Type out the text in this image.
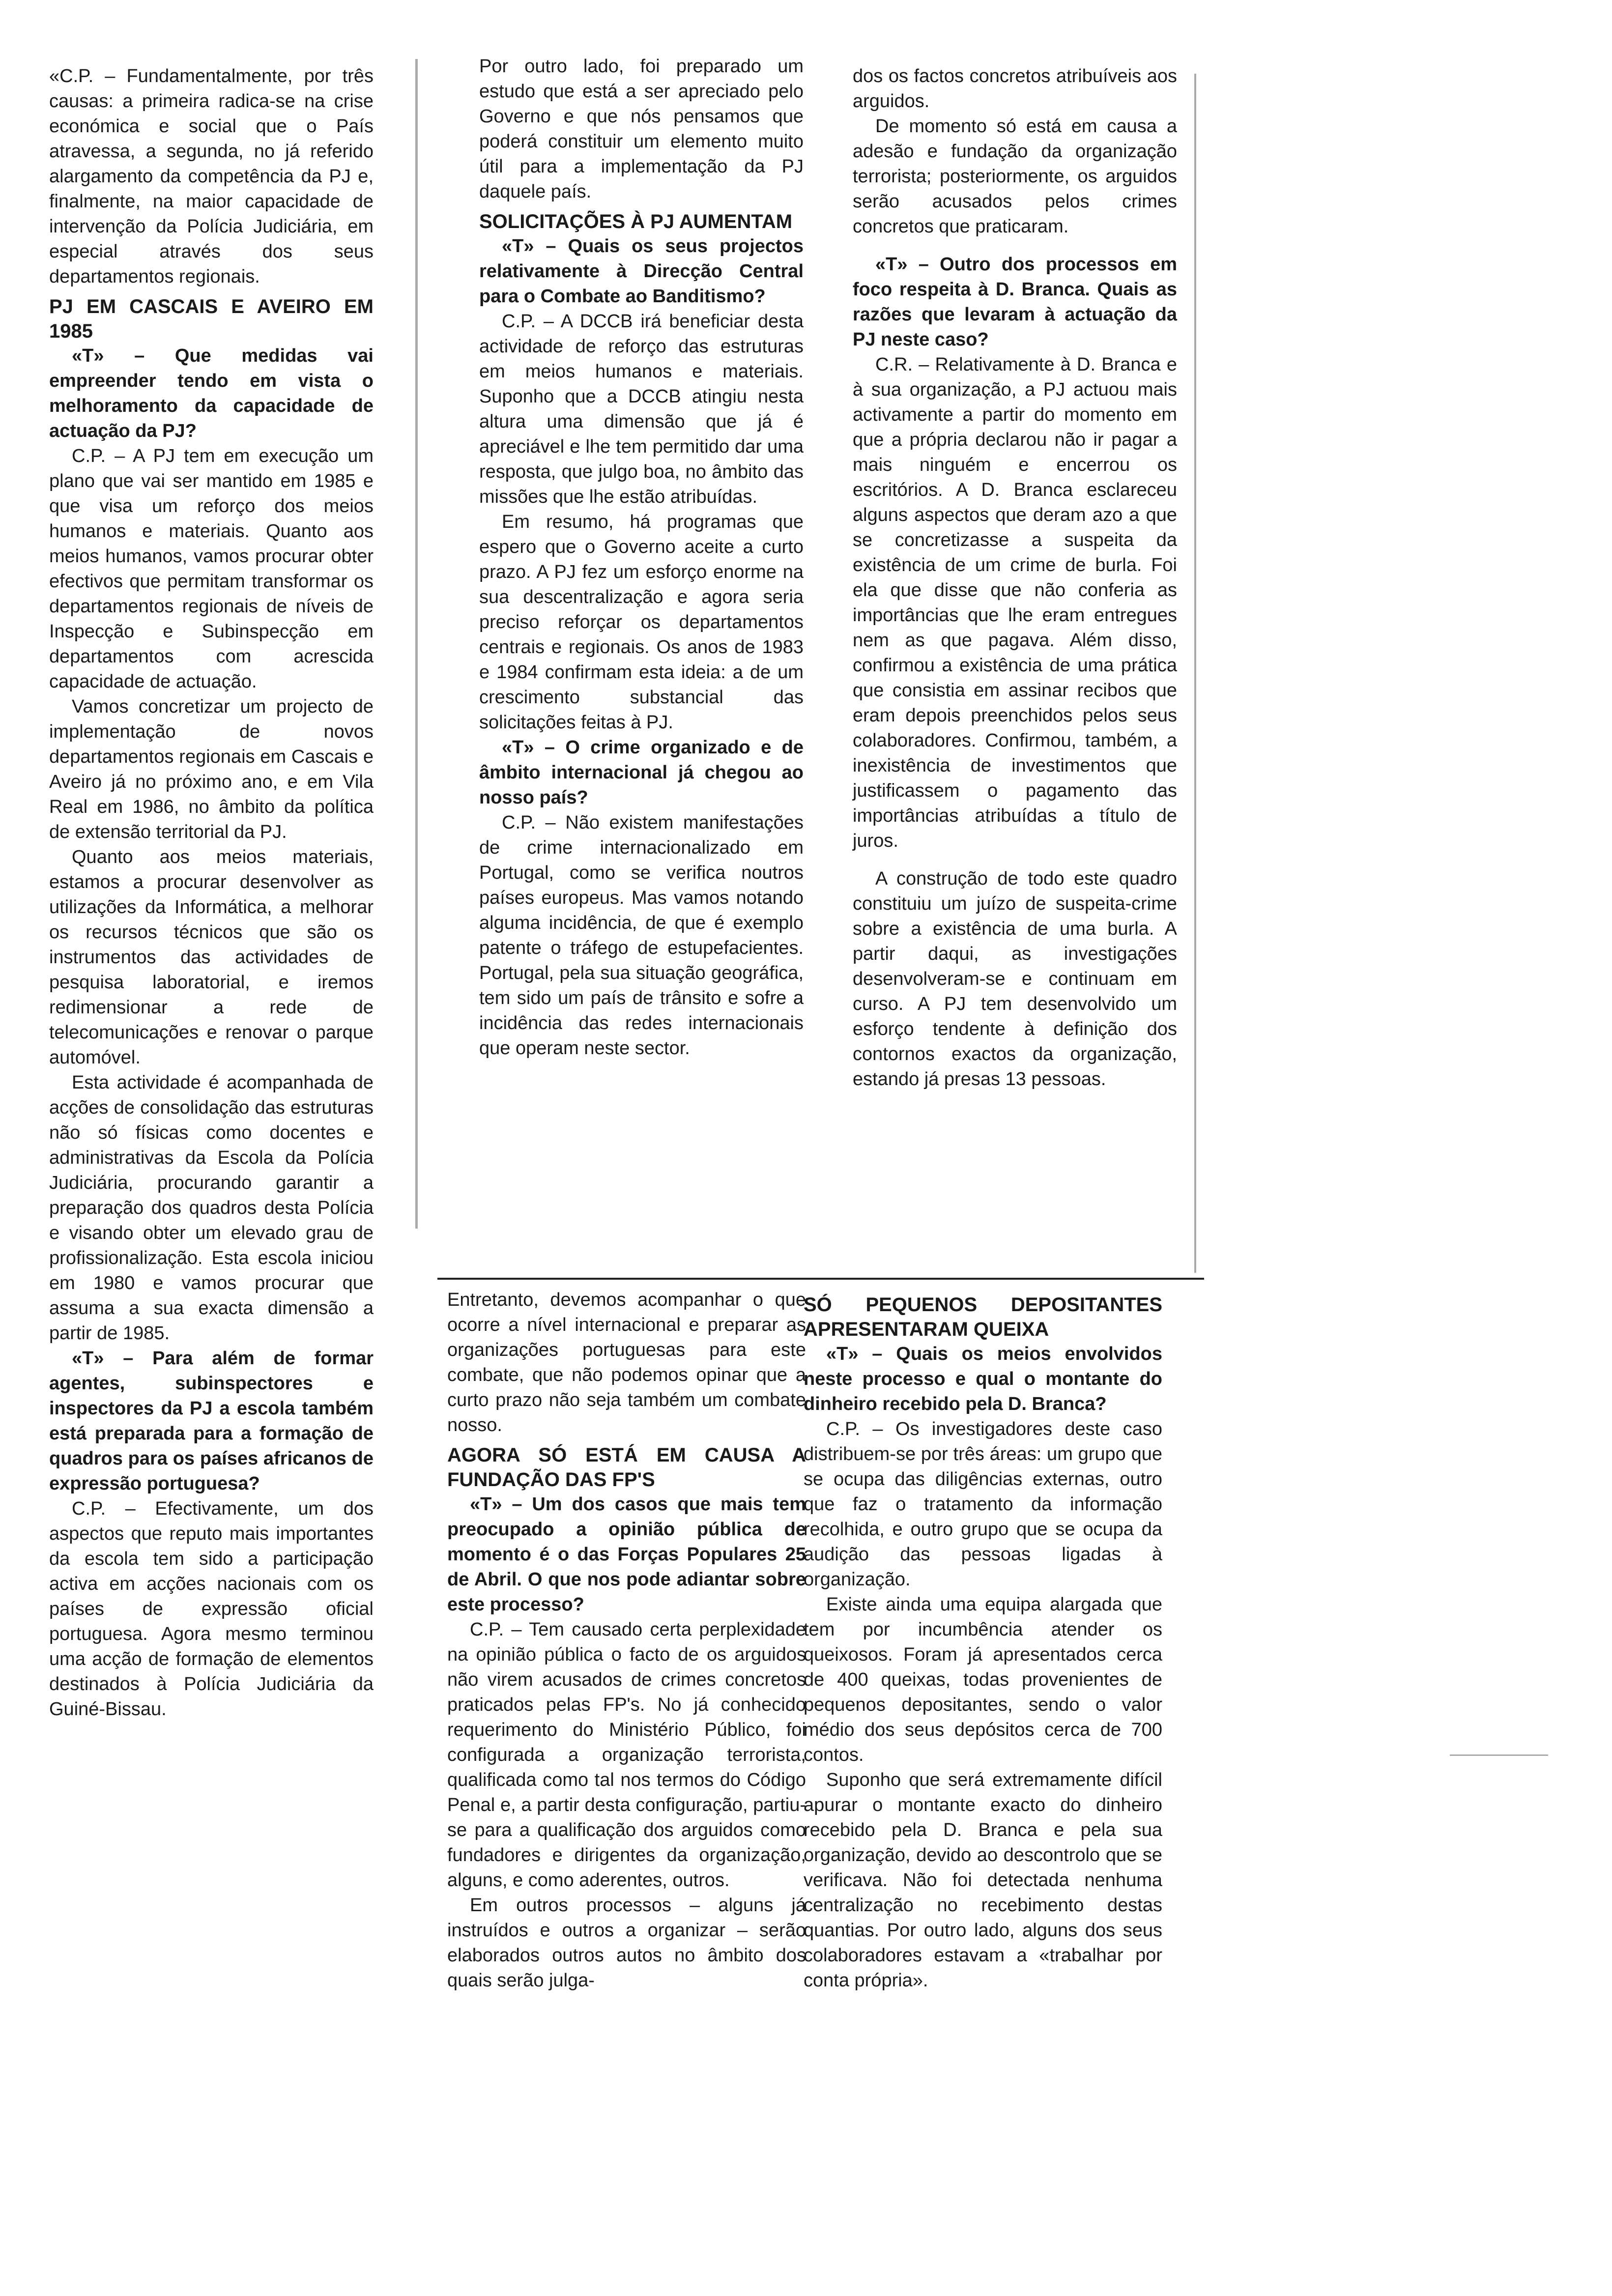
«C.P. – Fundamentalmente, por três causas: a primeira radica-se na crise económica e social que o País atravessa, a segunda, no já referido alargamento da competência da PJ e, finalmente, na maior capacidade de intervenção da Polícia Judiciária, em especial através dos seus departamentos regionais.

PJ EM CASCAIS E AVEIRO EM 1985

«T» – Que medidas vai empreender tendo em vista o melhoramento da capacidade de actuação da PJ?

C.P. – A PJ tem em execução um plano que vai ser mantido em 1985 e que visa um reforço dos meios humanos e materiais. Quanto aos meios humanos, vamos procurar obter efectivos que permitam transformar os departamentos regionais de níveis de Inspecção e Subinspecção em departamentos com acrescida capacidade de actuação.

Vamos concretizar um projecto de implementação de novos departamentos regionais em Cascais e Aveiro já no próximo ano, e em Vila Real em 1986, no âmbito da política de extensão territorial da PJ.

Quanto aos meios materiais, estamos a procurar desenvolver as utilizações da Informática, a melhorar os recursos técnicos que são os instrumentos das actividades de pesquisa laboratorial, e iremos redimensionar a rede de telecomunicações e renovar o parque automóvel.

Esta actividade é acompanhada de acções de consolidação das estruturas não só físicas como docentes e administrativas da Escola da Polícia Judiciária, procurando garantir a preparação dos quadros desta Polícia e visando obter um elevado grau de profissionalização. Esta escola iniciou em 1980 e vamos procurar que assuma a sua exacta dimensão a partir de 1985.

«T» – Para além de formar agentes, subinspectores e inspectores da PJ a escola também está preparada para a formação de quadros para os países africanos de expressão portuguesa?

C.P. – Efectivamente, um dos aspectos que reputo mais importantes da escola tem sido a participação activa em acções nacionais com os países de expressão oficial portuguesa. Agora mesmo terminou uma acção de formação de elementos destinados à Polícia Judiciária da Guiné-Bissau.

Por outro lado, foi preparado um estudo que está a ser apreciado pelo Governo e que nós pensamos que poderá constituir um elemento muito útil para a implementação da PJ daquele país.

SOLICITAÇÕES À PJ AUMENTAM

«T» – Quais os seus projectos relativamente à Direcção Central para o Combate ao Banditismo?

C.P. – A DCCB irá beneficiar desta actividade de reforço das estruturas em meios humanos e materiais. Suponho que a DCCB atingiu nesta altura uma dimensão que já é apreciável e lhe tem permitido dar uma resposta, que julgo boa, no âmbito das missões que lhe estão atribuídas.

Em resumo, há programas que espero que o Governo aceite a curto prazo. A PJ fez um esforço enorme na sua descentralização e agora seria preciso reforçar os departamentos centrais e regionais. Os anos de 1983 e 1984 confirmam esta ideia: a de um crescimento substancial das solicitações feitas à PJ.

«T» – O crime organizado e de âmbito internacional já chegou ao nosso país?

C.P. – Não existem manifestações de crime internacionalizado em Portugal, como se verifica noutros países europeus. Mas vamos notando alguma incidência, de que é exemplo patente o tráfego de estupefacientes. Portugal, pela sua situação geográfica, tem sido um país de trânsito e sofre a incidência das redes internacionais que operam neste sector.

dos os factos concretos atribuíveis aos arguidos.

De momento só está em causa a adesão e fundação da organização terrorista; posteriormente, os arguidos serão acusados pelos crimes concretos que praticaram.

«T» – Outro dos processos em foco respeita à D. Branca. Quais as razões que levaram à actuação da PJ neste caso?

C.R. – Relativamente à D. Branca e à sua organização, a PJ actuou mais activamente a partir do momento em que a própria declarou não ir pagar a mais ninguém e encerrou os escritórios. A D. Branca esclareceu alguns aspectos que deram azo a que se concretizasse a suspeita da existência de um crime de burla. Foi ela que disse que não conferia as importâncias que lhe eram entregues nem as que pagava. Além disso, confirmou a existência de uma prática que consistia em assinar recibos que eram depois preenchidos pelos seus colaboradores. Confirmou, também, a inexistência de investimentos que justificassem o pagamento das importâncias atribuídas a título de juros.

A construção de todo este quadro constituiu um juízo de suspeita-crime sobre a existência de uma burla. A partir daqui, as investigações desenvolveram-se e continuam em curso. A PJ tem desenvolvido um esforço tendente à definição dos contornos exactos da organização, estando já presas 13 pessoas.

Entretanto, devemos acompanhar o que ocorre a nível internacional e preparar as organizações portuguesas para este combate, que não podemos opinar que a curto prazo não seja também um combate nosso.

AGORA SÓ ESTÁ EM CAUSA A FUNDAÇÃO DAS FP'S

«T» – Um dos casos que mais tem preocupado a opinião pública de momento é o das Forças Populares 25 de Abril. O que nos pode adiantar sobre este processo?

C.P. – Tem causado certa perplexidade na opinião pública o facto de os arguidos não virem acusados de crimes concretos praticados pelas FP's. No já conhecido requerimento do Ministério Público, foi configurada a organização terrorista, qualificada como tal nos termos do Código Penal e, a partir desta configuração, partiu-se para a qualificação dos arguidos como fundadores e dirigentes da organização, alguns, e como aderentes, outros.

Em outros processos – alguns já instruídos e outros a organizar – serão elaborados outros autos no âmbito dos quais serão julga-

SÓ PEQUENOS DEPOSITANTES APRESENTARAM QUEIXA

«T» – Quais os meios envolvidos neste processo e qual o montante do dinheiro recebido pela D. Branca?

C.P. – Os investigadores deste caso distribuem-se por três áreas: um grupo que se ocupa das diligências externas, outro que faz o tratamento da informação recolhida, e outro grupo que se ocupa da audição das pessoas ligadas à organização.

Existe ainda uma equipa alargada que tem por incumbência atender os queixosos. Foram já apresentados cerca de 400 queixas, todas provenientes de pequenos depositantes, sendo o valor médio dos seus depósitos cerca de 700 contos.

Suponho que será extremamente difícil apurar o montante exacto do dinheiro recebido pela D. Branca e pela sua organização, devido ao descontrolo que se verificava. Não foi detectada nenhuma centralização no recebimento destas quantias. Por outro lado, alguns dos seus colaboradores estavam a «trabalhar por conta própria».
